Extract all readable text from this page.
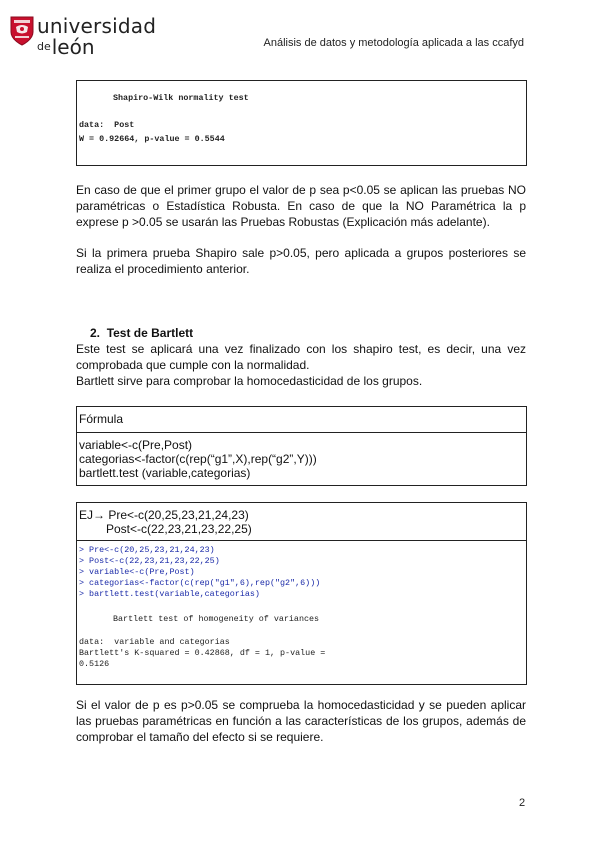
universidad
$^{de}$león	Análisis de datos y metodología aplicada a las ccafyd
Shapiro-Wilk normality test
data:  Post
W = 0.92664, p-value = 0.5544
En caso de que el primer grupo el valor de p sea p<0.05 se aplican las pruebas NO paramétricas o Estadística Robusta. En caso de que la NO Paramétrica la p exprese p >0.05 se usarán las Pruebas Robustas (Explicación más adelante).
Si la primera prueba Shapiro sale p>0.05, pero aplicada a grupos posteriores se realiza el procedimiento anterior.
2. Test de Bartlett
Este test se aplicará una vez finalizado con los shapiro test, es decir, una vez comprobada que cumple con la normalidad.
Bartlett sirve para comprobar la homocedasticidad de los grupos.
Fórmula
variable<-c(Pre,Post)
categorias<-factor(c(rep(“g1”,X),rep(“g2”,Y)))
bartlett.test (variable,categorias)
EJ→ Pre<-c(20,25,23,21,24,23)
Post<-c(22,23,21,23,22,25)
> Pre<-c(20,25,23,21,24,23)
> Post<-c(22,23,21,23,22,25)
> variable<-c(Pre,Post)
> categorias<-factor(c(rep("g1",6),rep("g2",6)))
> bartlett.test(variable,categorias)
Bartlett test of homogeneity of variances
data:  variable and categorias
Bartlett's K-squared = 0.42868, df = 1, p-value =
0.5126
Si el valor de p es p>0.05 se comprueba la homocedasticidad y se pueden aplicar las pruebas paramétricas en función a las características de los grupos, además de comprobar el tamaño del efecto si se requiere.
2
